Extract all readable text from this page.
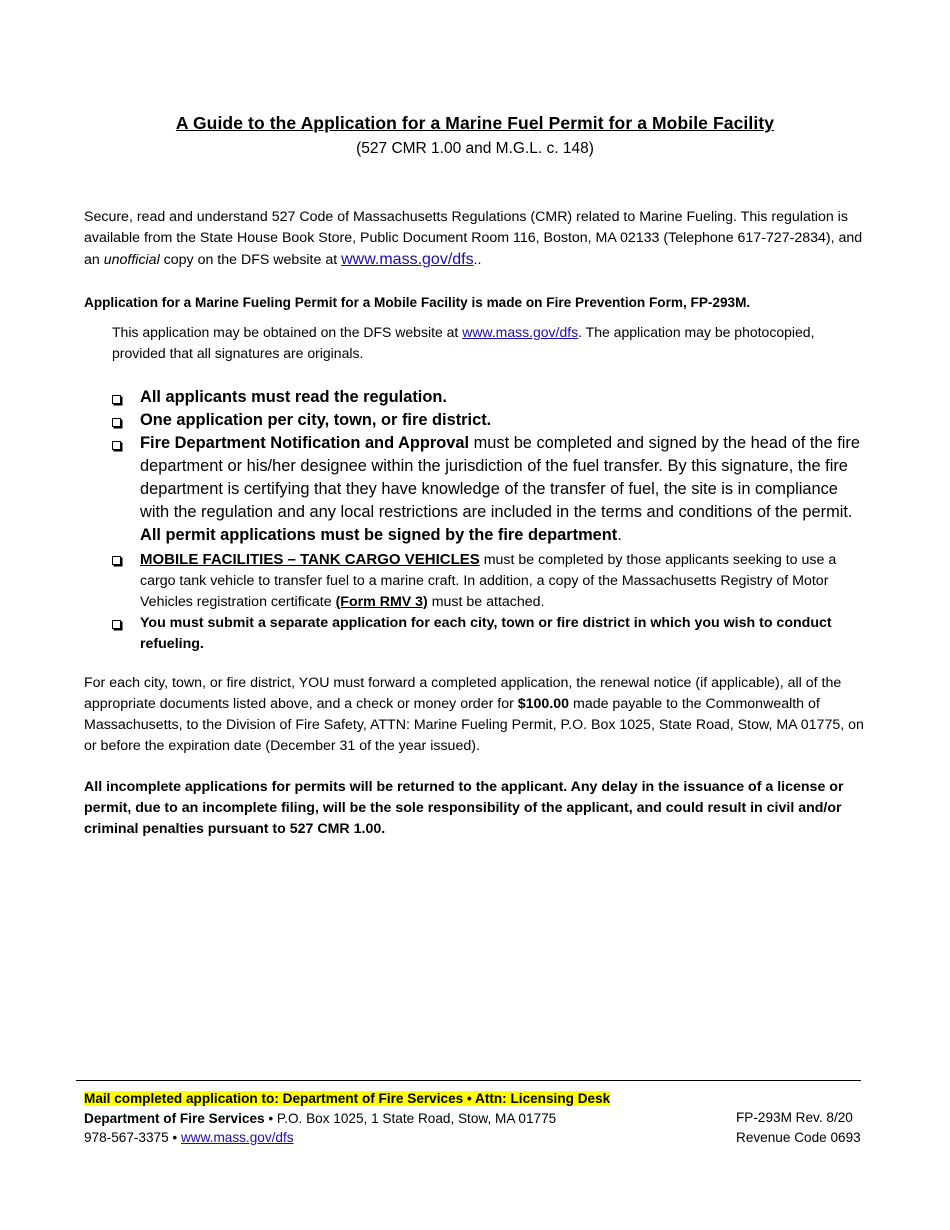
A Guide to the Application for a Marine Fuel Permit for a Mobile Facility
(527 CMR 1.00 and M.G.L. c. 148)
Secure, read and understand 527 Code of Massachusetts Regulations (CMR) related to Marine Fueling. This regulation is available from the State House Book Store, Public Document Room 116, Boston, MA 02133 (Telephone 617-727-2834), and an unofficial copy on the DFS website at www.mass.gov/dfs..
Application for a Marine Fueling Permit for a Mobile Facility is made on Fire Prevention Form, FP-293M.
This application may be obtained on the DFS website at www.mass.gov/dfs. The application may be photocopied, provided that all signatures are originals.
All applicants must read the regulation.
One application per city, town, or fire district.
Fire Department Notification and Approval must be completed and signed by the head of the fire department or his/her designee within the jurisdiction of the fuel transfer. By this signature, the fire department is certifying that they have knowledge of the transfer of fuel, the site is in compliance with the regulation and any local restrictions are included in the terms and conditions of the permit. All permit applications must be signed by the fire department.
MOBILE FACILITIES – TANK CARGO VEHICLES must be completed by those applicants seeking to use a cargo tank vehicle to transfer fuel to a marine craft. In addition, a copy of the Massachusetts Registry of Motor Vehicles registration certificate (Form RMV 3) must be attached.
You must submit a separate application for each city, town or fire district in which you wish to conduct refueling.
For each city, town, or fire district, YOU must forward a completed application, the renewal notice (if applicable), all of the appropriate documents listed above, and a check or money order for $100.00 made payable to the Commonwealth of Massachusetts, to the Division of Fire Safety, ATTN: Marine Fueling Permit, P.O. Box 1025, State Road, Stow, MA 01775, on or before the expiration date (December 31 of the year issued).
All incomplete applications for permits will be returned to the applicant. Any delay in the issuance of a license or permit, due to an incomplete filing, will be the sole responsibility of the applicant, and could result in civil and/or criminal penalties pursuant to 527 CMR 1.00.
Mail completed application to: Department of Fire Services • Attn: Licensing Desk
Department of Fire Services • P.O. Box 1025, 1 State Road, Stow, MA 01775
978-567-3375 • www.mass.gov/dfs
FP-293M Rev. 8/20
Revenue Code 0693
